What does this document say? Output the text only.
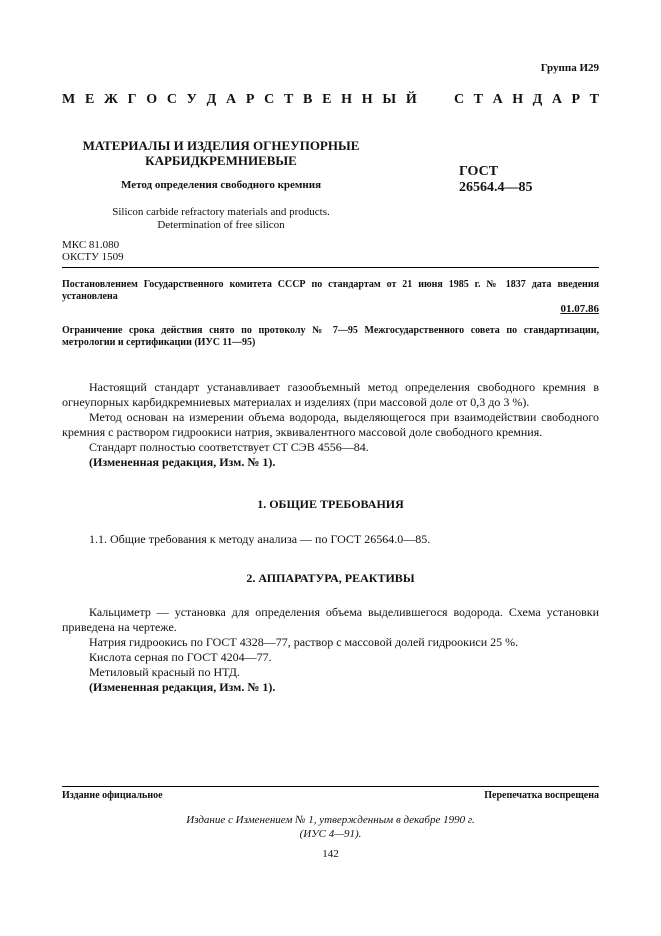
Группа И29
М Е Ж Г О С У Д А Р С Т В Е Н Н Ы Й	С Т А Н Д А Р Т
МАТЕРИАЛЫ И ИЗДЕЛИЯ ОГНЕУПОРНЫЕ
КАРБИДКРЕМНИЕВЫЕ
Метод определения свободного кремния
Silicon carbide refractory materials and products.
Determination of free silicon
ГОСТ
26564.4—85
МКС 81.080
ОКСТУ 1509
Постановлением Государственного комитета СССР по стандартам от 21 июня 1985 г. № 1837 дата введения установлена
01.07.86
Ограничение срока действия снято по протоколу № 7—95 Межгосударственного совета по стандартизации, метрологии и сертификации (ИУС 11—95)

Настоящий стандарт устанавливает газообъемный метод определения свободного кремния в огнеупорных карбидкремниевых материалах и изделиях (при массовой доле от 0,3 до 3 %).

Метод основан на измерении объема водорода, выделяющегося при взаимодействии свободного кремния с раствором гидроокиси натрия, эквивалентного массовой доле свободного кремния.

Стандарт полностью соответствует СТ СЭВ 4556—84.

(Измененная редакция, Изм. № 1).

1. ОБЩИЕ ТРЕБОВАНИЯ

1.1. Общие требования к методу анализа — по ГОСТ 26564.0—85.

2. АППАРАТУРА, РЕАКТИВЫ

Кальциметр — установка для определения объема выделившегося водорода. Схема установки приведена на чертеже.

Натрия гидроокись по ГОСТ 4328—77, раствор с массовой долей гидроокиси 25 %.

Кислота серная по ГОСТ 4204—77.

Метиловый красный по НТД.

(Измененная редакция, Изм. № 1).

Издание официальное	Перепечатка воспрещена
Издание с Изменением № 1, утвержденным в декабре 1990 г.
(ИУС 4—91).
142
